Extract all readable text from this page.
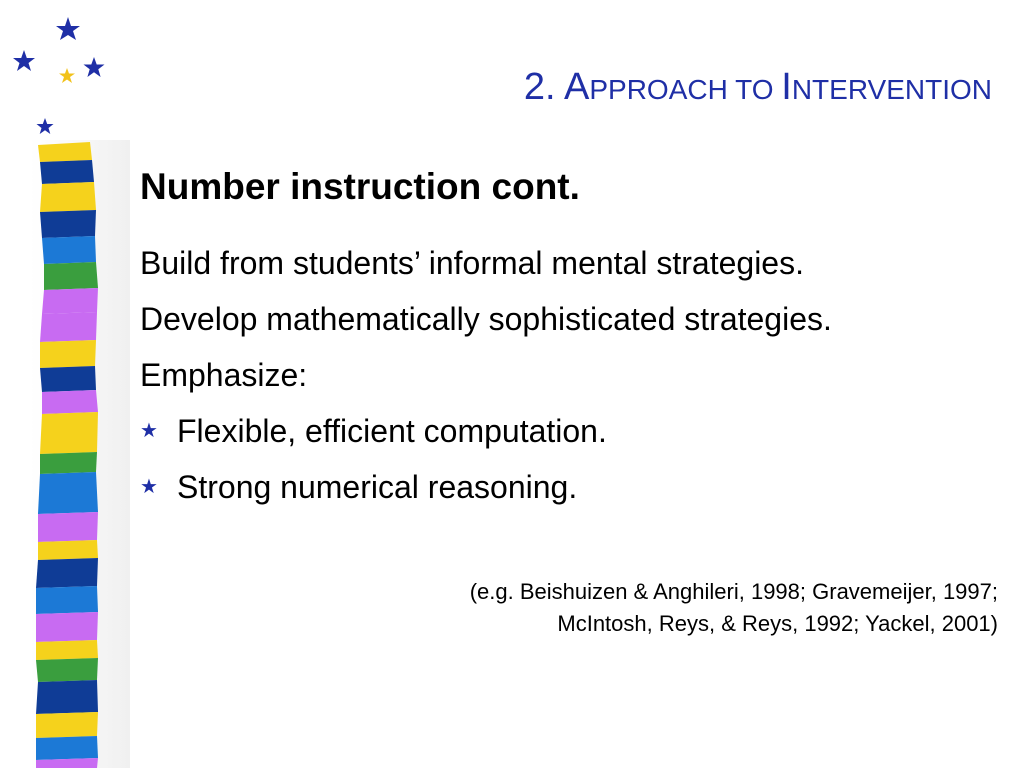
2. APPROACH TO INTERVENTION
Number instruction cont.

Build from students’ informal mental strategies.

Develop mathematically sophisticated strategies.

Emphasize:

★ Flexible, efficient computation.
★ Strong numerical reasoning.
(e.g. Beishuizen & Anghileri, 1998; Gravemeijer, 1997;
McIntosh, Reys, & Reys, 1992; Yackel, 2001)
